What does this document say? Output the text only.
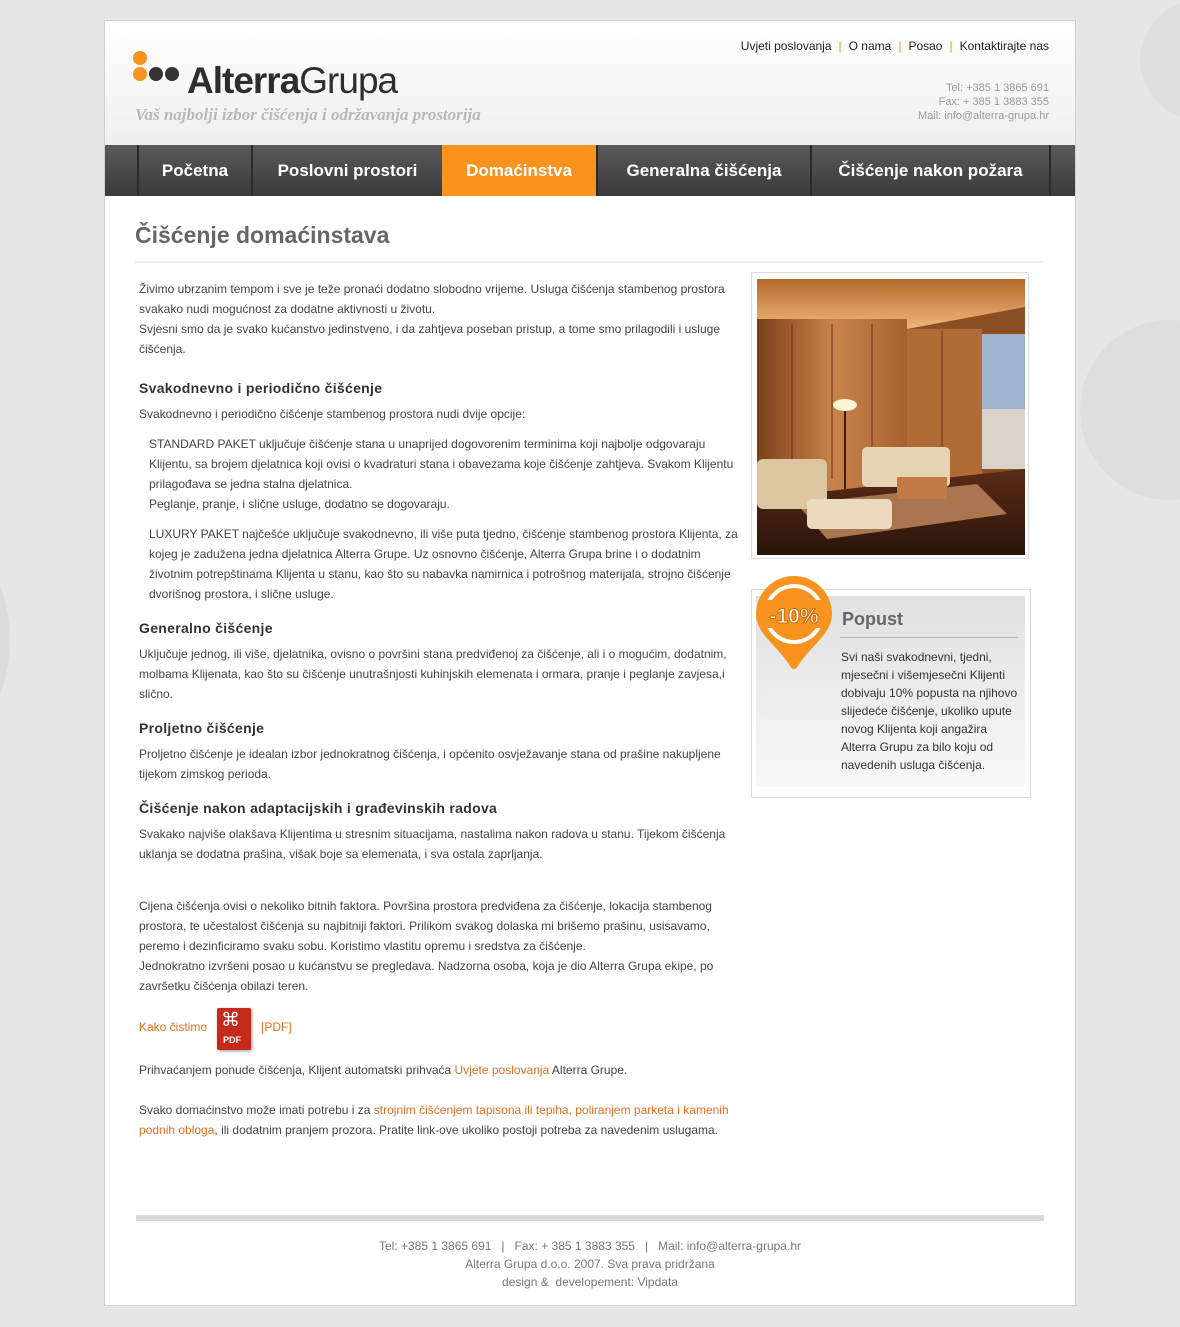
AlterraGrupa
Vaš najbolji izbor čišćenja i održavanja prostorija
Uvjeti poslovanja | O nama | Posao | Kontaktirajte nas
Tel: +385 1 3865 691
Fax: + 385 1 3883 355
Mail: info@alterra-grupa.hr
Početna	Poslovni prostori	Domaćinstva	Generalna čišćenja	Čišćenje nakon požara
Čišćenje domaćinstava

Živimo ubrzanim tempom i sve je teže pronaći dodatno slobodno vrijeme. Usluga čišćenja stambenog prostora svakako nudi mogućnost za dodatne aktivnosti u životu.

Svjesni smo da je svako kućanstvo jedinstveno, i da zahtjeva poseban pristup, a tome smo prilagodili i usluge čišćenja.

Svakodnevno i periodično čišćenje

Svakodnevno i periodično čišćenje stambenog prostora nudi dvije opcije:

STANDARD PAKET uključuje čišćenje stana u unaprijed dogovorenim terminima koji najbolje odgovaraju Klijentu, sa brojem djelatnica koji ovisi o kvadraturi stana i obavezama koje čišćenje zahtjeva. Svakom Klijentu prilagođava se jedna stalna djelatnica.

Peglanje, pranje, i slične usluge, dodatno se dogovaraju.

LUXURY PAKET najčešće uključuje svakodnevno, ili više puta tjedno, čišćenje stambenog prostora Klijenta, za kojeg je zadužena jedna djelatnica Alterra Grupe. Uz osnovno čišćenje, Alterra Grupa brine i o dodatnim životnim potrepštinama Klijenta u stanu, kao što su nabavka namirnica i potrošnog materijala, strojno čišćenje dvorišnog prostora, i slične usluge.

Generalno čišćenje

Uključuje jednog, ili više, djelatnika, ovisno o površini stana predviđenoj za čišćenje, ali i o mogućim, dodatnim, molbama Klijenata, kao što su čišćenje unutrašnjosti kuhinjskih elemenata i ormara, pranje i peglanje zavjesa,i slično.

Proljetno čišćenje

Proljetno čišćenje je idealan izbor jednokratnog čišćenja, i općenito osvježavanje stana od prašine nakupljene tijekom zimskog perioda.

Čišćenje nakon adaptacijskih i građevinskih radova

Svakako najviše olakšava Klijentima u stresnim situacijama, nastalima nakon radova u stanu. Tijekom čišćenja uklanja se dodatna prašina, višak boje sa elemenata, i sva ostala zaprljanja.

Cijena čišćenja ovisi o nekoliko bitnih faktora. Površina prostora predviđena za čišćenje, lokacija stambenog prostora, te učestalost čišćenja su najbitniji faktori. Prilikom svakog dolaska mi brišemo prašinu, usisavamo, peremo i dezinficiramo svaku sobu. Koristimo vlastitu opremu i sredstva za čišćenje.

Jednokratno izvršeni posao u kućanstvu se pregledava. Nadzorna osoba, koja je dio Alterra Grupa ekipe, po završetku čišćenja obilazi teren.

Kako čistimo ⌘
PDF
[PDF]

Prihvaćanjem ponude čišćenja, Klijent automatski prihvaća Uvjete poslovanja Alterra Grupe.

Svako domaćinstvo može imati potrebu i za strojnim čišćenjem tapisona ili tepiha, poliranjem parketa i kamenih podnih obloga, ili dodatnim pranjem prozora. Pratite link-ove ukoliko postoji potreba za navedenim uslugama.

Popust
Svi naši svakodnevni, tjedni, mjesečni i višemjesečni Klijenti dobivaju 10% popusta na njihovo slijedeće čišćenje, ukoliko upute novog Klijenta koji angažira Alterra Grupu za bilo koju od navedenih usluga čišćenja.
-10%
Tel: +385 1 3865 691   |   Fax: + 385 1 3883 355   |   Mail: info@alterra-grupa.hr
Alterra Grupa d.o.o. 2007. Sva prava pridržana
design &  developement: Vipdata
